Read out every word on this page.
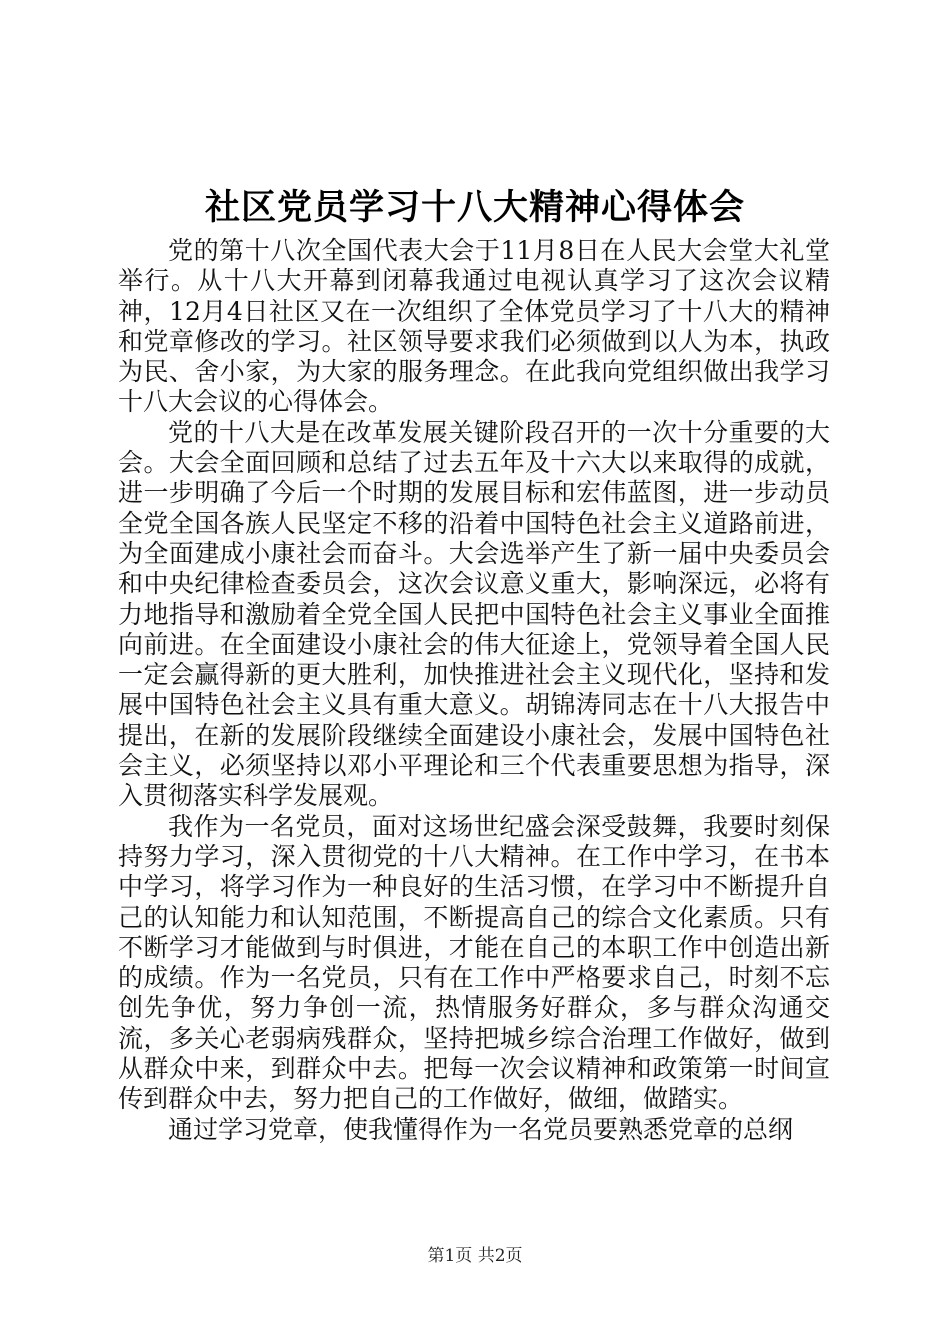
社区党员学习十八大精神心得体会

党的第十八次全国代表大会于11月8日在人民大会堂大礼堂举行。从十八大开幕到闭幕我通过电视认真学习了这次会议精神，12月4日社区又在一次组织了全体党员学习了十八大的精神和党章修改的学习。社区领导要求我们必须做到以人为本，执政为民、舍小家，为大家的服务理念。在此我向党组织做出我学习十八大会议的心得体会。

党的十八大是在改革发展关键阶段召开的一次十分重要的大会。大会全面回顾和总结了过去五年及十六大以来取得的成就，进一步明确了今后一个时期的发展目标和宏伟蓝图，进一步动员全党全国各族人民坚定不移的沿着中国特色社会主义道路前进，为全面建成小康社会而奋斗。大会选举产生了新一届中央委员会和中央纪律检查委员会，这次会议意义重大，影响深远，必将有力地指导和激励着全党全国人民把中国特色社会主义事业全面推向前进。在全面建设小康社会的伟大征途上，党领导着全国人民一定会赢得新的更大胜利，加快推进社会主义现代化，坚持和发展中国特色社会主义具有重大意义。胡锦涛同志在十八大报告中提出，在新的发展阶段继续全面建设小康社会，发展中国特色社会主义，必须坚持以邓小平理论和三个代表重要思想为指导，深入贯彻落实科学发展观。

我作为一名党员，面对这场世纪盛会深受鼓舞，我要时刻保持努力学习，深入贯彻党的十八大精神。在工作中学习，在书本中学习，将学习作为一种良好的生活习惯，在学习中不断提升自己的认知能力和认知范围，不断提高自己的综合文化素质。只有不断学习才能做到与时俱进，才能在自己的本职工作中创造出新的成绩。作为一名党员，只有在工作中严格要求自己，时刻不忘创先争优，努力争创一流，热情服务好群众，多与群众沟通交流，多关心老弱病残群众，坚持把城乡综合治理工作做好，做到从群众中来，到群众中去。把每一次会议精神和政策第一时间宣传到群众中去，努力把自己的工作做好，做细，做踏实。

通过学习党章，使我懂得作为一名党员要熟悉党章的总纲

第1页 共2页
